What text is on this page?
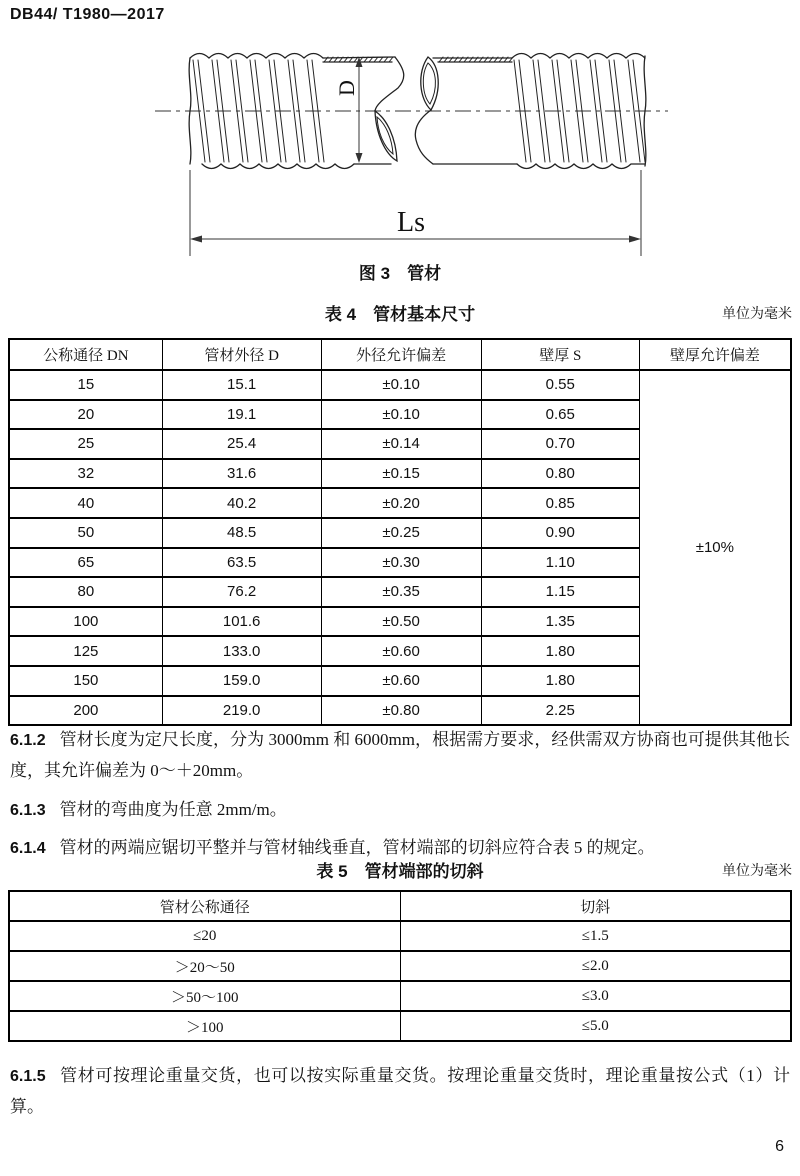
DB44/ T1980—2017
D
Ls
图 3　管材
表 4　管材基本尺寸	单位为毫米
公称通径 DN	管材外径 D	外径允许偏差	壁厚 S	壁厚允许偏差
15	15.1	±0.10	0.55	±10%
20	19.1	±0.10	0.65	
25	25.4	±0.14	0.70	
32	31.6	±0.15	0.80	
40	40.2	±0.20	0.85	
50	48.5	±0.25	0.90	
65	63.5	±0.30	1.10	
80	76.2	±0.35	1.15	
100	101.6	±0.50	1.35	
125	133.0	±0.60	1.80	
150	159.0	±0.60	1.80	
200	219.0	±0.80	2.25	

6.1.2 管材长度为定尺长度，分为 3000mm 和 6000mm，根据需方要求，经供需双方协商也可提供其他长度，其允许偏差为 0～＋20mm。

6.1.3 管材的弯曲度为任意 2mm/m。

6.1.4 管材的两端应锯切平整并与管材轴线垂直，管材端部的切斜应符合表 5 的规定。

表 5　管材端部的切斜	单位为毫米
管材公称通径	切斜
≤20	≤1.5
＞20～50	≤2.0
＞50～100	≤3.0
＞100	≤5.0

6.1.5 管材可按理论重量交货，也可以按实际重量交货。按理论重量交货时，理论重量按公式（1）计算。

6
